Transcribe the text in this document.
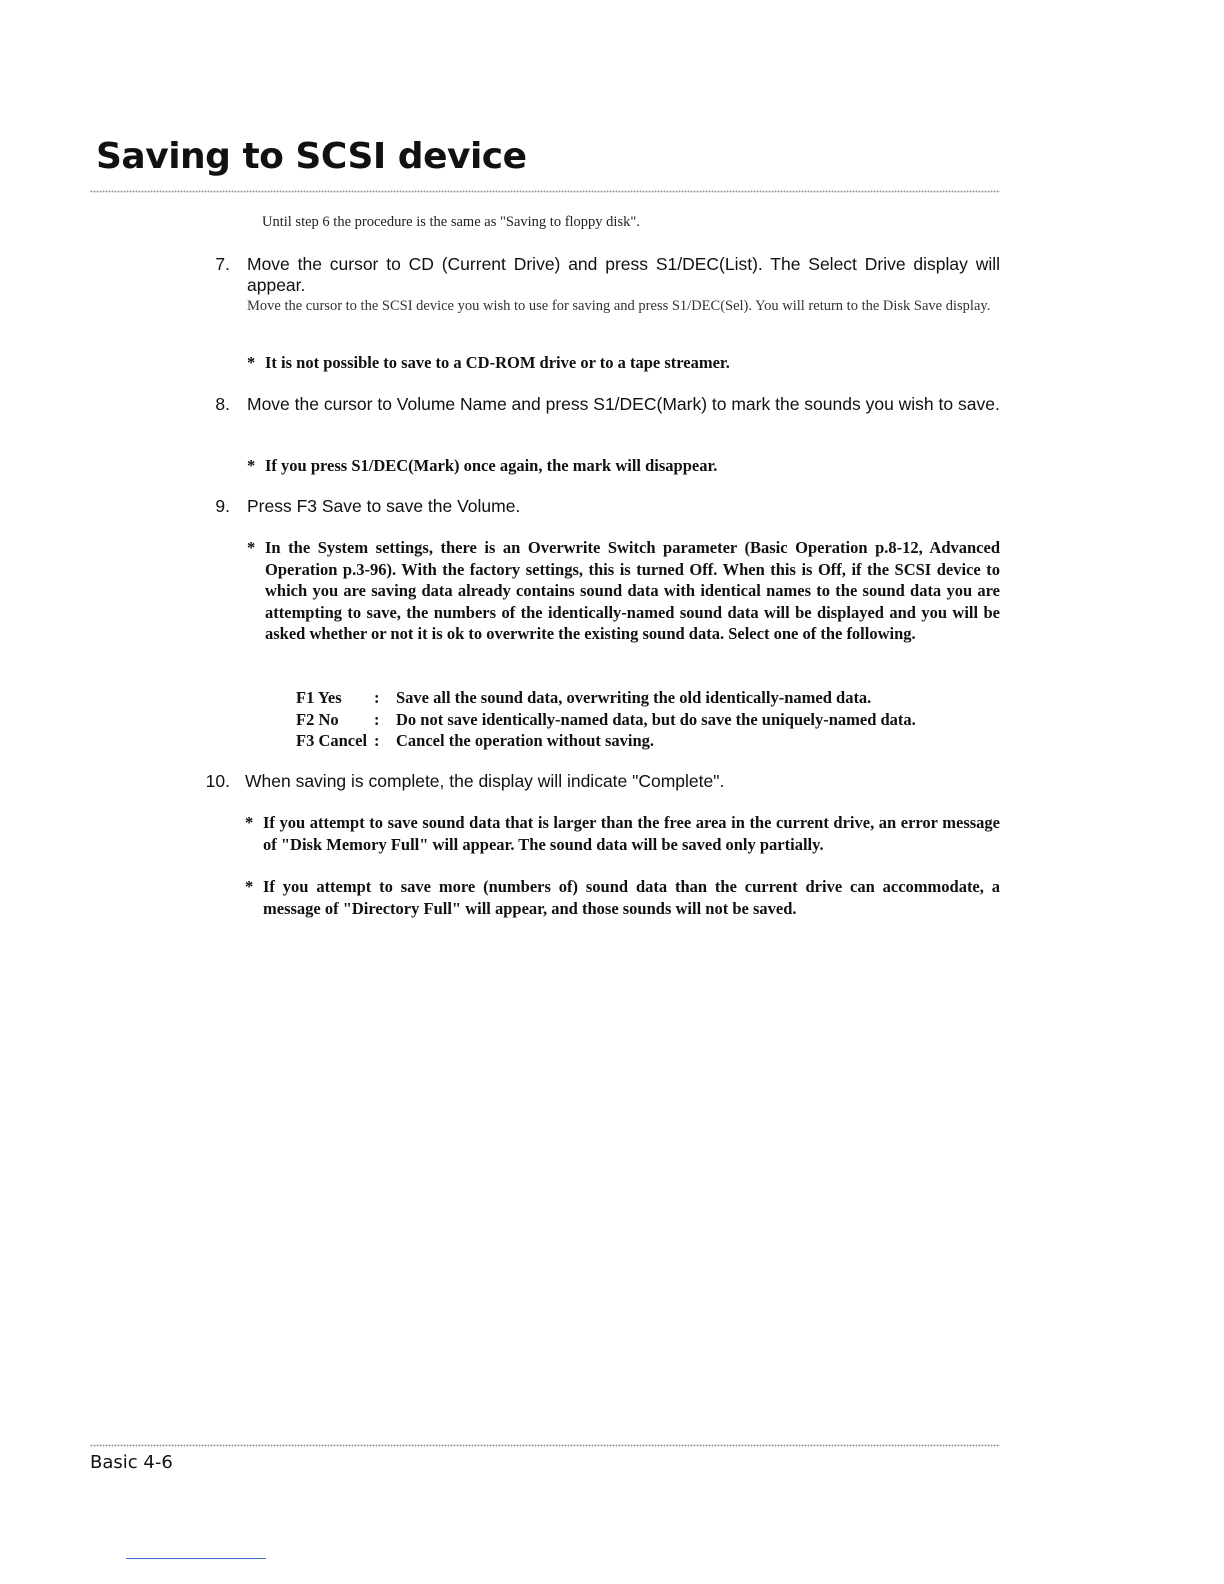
Saving to SCSI device
Until step 6 the procedure is the same as "Saving to floppy disk".
7. Move the cursor to CD (Current Drive) and press S1/DEC(List). The Select Drive display will appear.
Move the cursor to the SCSI device you wish to use for saving and press S1/DEC(Sel). You will return to the Disk Save display.
* It is not possible to save to a CD-ROM drive or to a tape streamer.
8. Move the cursor to Volume Name and press S1/DEC(Mark) to mark the sounds you wish to save.
* If you press S1/DEC(Mark) once again, the mark will disappear.
9. Press F3 Save to save the Volume.
* In the System settings, there is an Overwrite Switch parameter (Basic Operation p.8-12, Advanced Operation p.3-96). With the factory settings, this is turned Off. When this is Off, if the SCSI device to which you are saving data already contains sound data with identical names to the sound data you are attempting to save, the numbers of the identically-named sound data will be displayed and you will be asked whether or not it is ok to overwrite the existing sound data. Select one of the following.
F1 Yes	:	Save all the sound data, overwriting the old identically-named data.
F2 No	:	Do not save identically-named data, but do save the uniquely-named data.
F3 Cancel :	Cancel the operation without saving.
10. When saving is complete, the display will indicate "Complete".
* If you attempt to save sound data that is larger than the free area in the current drive, an error message of "Disk Memory Full" will appear. The sound data will be saved only partially.
* If you attempt to save more (numbers of) sound data than the current drive can accommodate, a message of "Directory Full" will appear, and those sounds will not be saved.
Basic 4-6
